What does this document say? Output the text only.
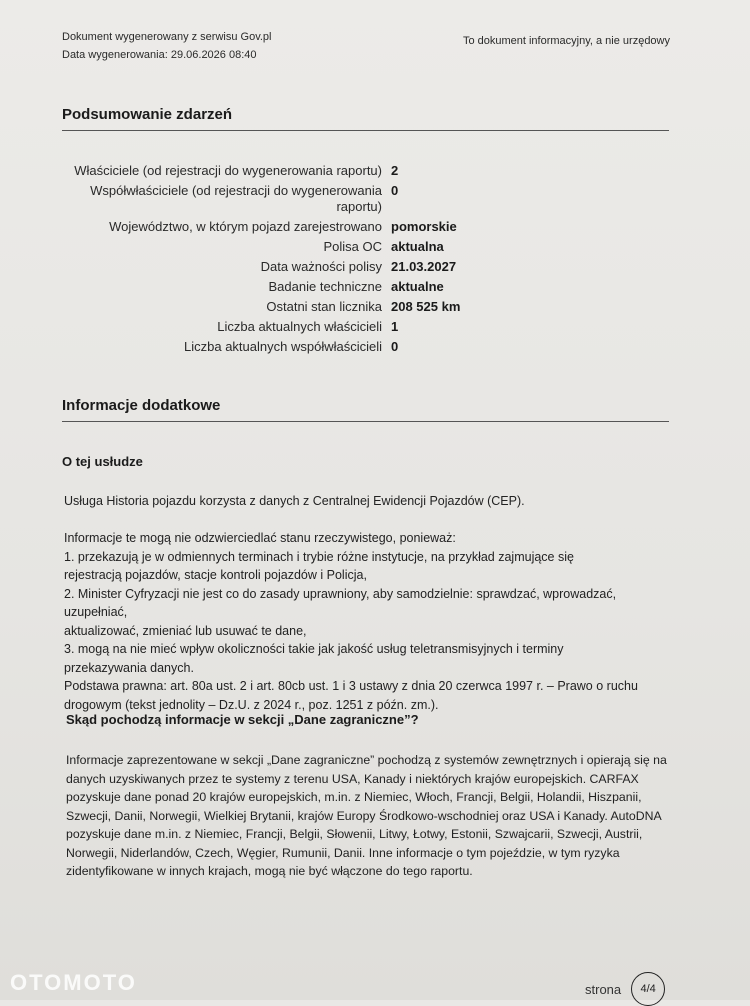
Dokument wygenerowany z serwisu Gov.pl
Data wygenerowania: 29.06.2026 08:40
To dokument informacyjny, a nie urzędowy
Podsumowanie zdarzeń
Właściciele (od rejestracji do wygenerowania raportu) 2
Współwłaściciele (od rejestracji do wygenerowania raportu)
0
Województwo, w którym pojazd zarejestrowano pomorskie
Polisa OC aktualna
Data ważności polisy 21.03.2027
Badanie techniczne aktualne
Ostatni stan licznika 208 525 km
Liczba aktualnych właścicieli 1
Liczba aktualnych współwłaścicieli 0
Informacje dodatkowe
O tej usłudze

Usługa Historia pojazdu korzysta z danych z Centralnej Ewidencji Pojazdów (CEP).

Informacje te mogą nie odzwierciedlać stanu rzeczywistego, ponieważ:

1. przekazują je w odmiennych terminach i trybie różne instytucje, na przykład zajmujące się

rejestracją pojazdów, stacje kontroli pojazdów i Policja,

2. Minister Cyfryzacji nie jest co do zasady uprawniony, aby samodzielnie: sprawdzać, wprowadzać, uzupełniać,

aktualizować, zmieniać lub usuwać te dane,

3. mogą na nie mieć wpływ okoliczności takie jak jakość usług teletransmisyjnych i terminy

przekazywania danych.

Podstawa prawna: art. 80a ust. 2 i art. 80cb ust. 1 i 3 ustawy z dnia 20 czerwca 1997 r. – Prawo o ruchu

drogowym (tekst jednolity – Dz.U. z 2024 r., poz. 1251 z późn. zm.).

Skąd pochodzą informacje w sekcji „Dane zagraniczne”?

Informacje zaprezentowane w sekcji „Dane zagraniczne” pochodzą z systemów zewnętrznych i opierają się na

danych uzyskiwanych przez te systemy z terenu USA, Kanady i niektórych krajów europejskich. CARFAX

pozyskuje dane ponad 20 krajów europejskich, m.in. z Niemiec, Włoch, Francji, Belgii, Holandii, Hiszpanii,

Szwecji, Danii, Norwegii, Wielkiej Brytanii, krajów Europy Środkowo-wschodniej oraz USA i Kanady. AutoDNA

pozyskuje dane m.in. z Niemiec, Francji, Belgii, Słowenii, Litwy, Łotwy, Estonii, Szwajcarii, Szwecji, Austrii,

Norwegii, Niderlandów, Czech, Węgier, Rumunii, Danii. Inne informacje o tym pojeździe, w tym ryzyka

zidentyfikowane w innych krajach, mogą nie być włączone do tego raportu.

OTOMOTO	strona	4/4
